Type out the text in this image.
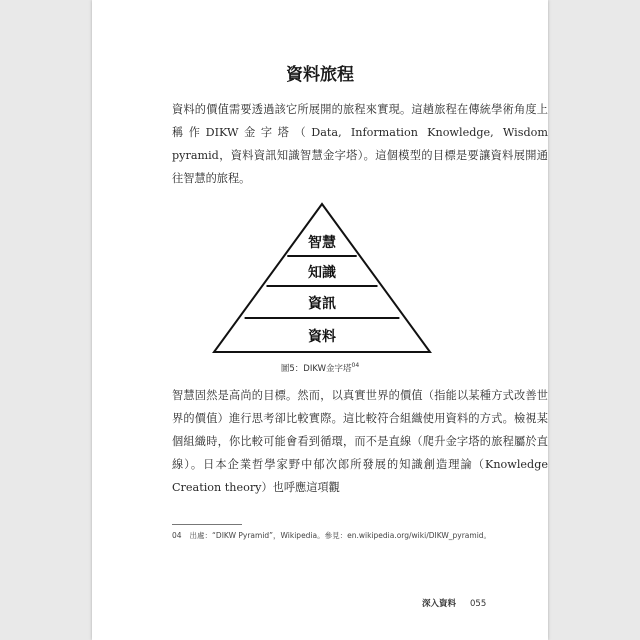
資料旅程
資料的價值需要透過該它所展開的旅程來實現。這趟旅程在傳統學術角度上稱作DIKW金字塔（Data, Information Knowledge, Wisdom pyramid，資料資訊知識智慧金字塔）。這個模型的目標是要讓資料展開通往智慧的旅程。
智慧
知識
資訊
資料
圖5：DIKW金字塔$^{04}$
智慧固然是高尚的目標。然而，以真實世界的價值（指能以某種方式改善世界的價值）進行思考卻比較實際。這比較符合組織使用資料的方式。檢視某個組織時，你比較可能會看到循環，而不是直線（爬升金字塔的旅程屬於直線）。日本企業哲學家野中郁次郎所發展的知識創造理論（Knowledge Creation theory）也呼應這項觀
04 出處：“DIKW Pyramid”，Wikipedia。參見：en.wikipedia.org/wiki/DIKW_pyramid。
深入資料 055
